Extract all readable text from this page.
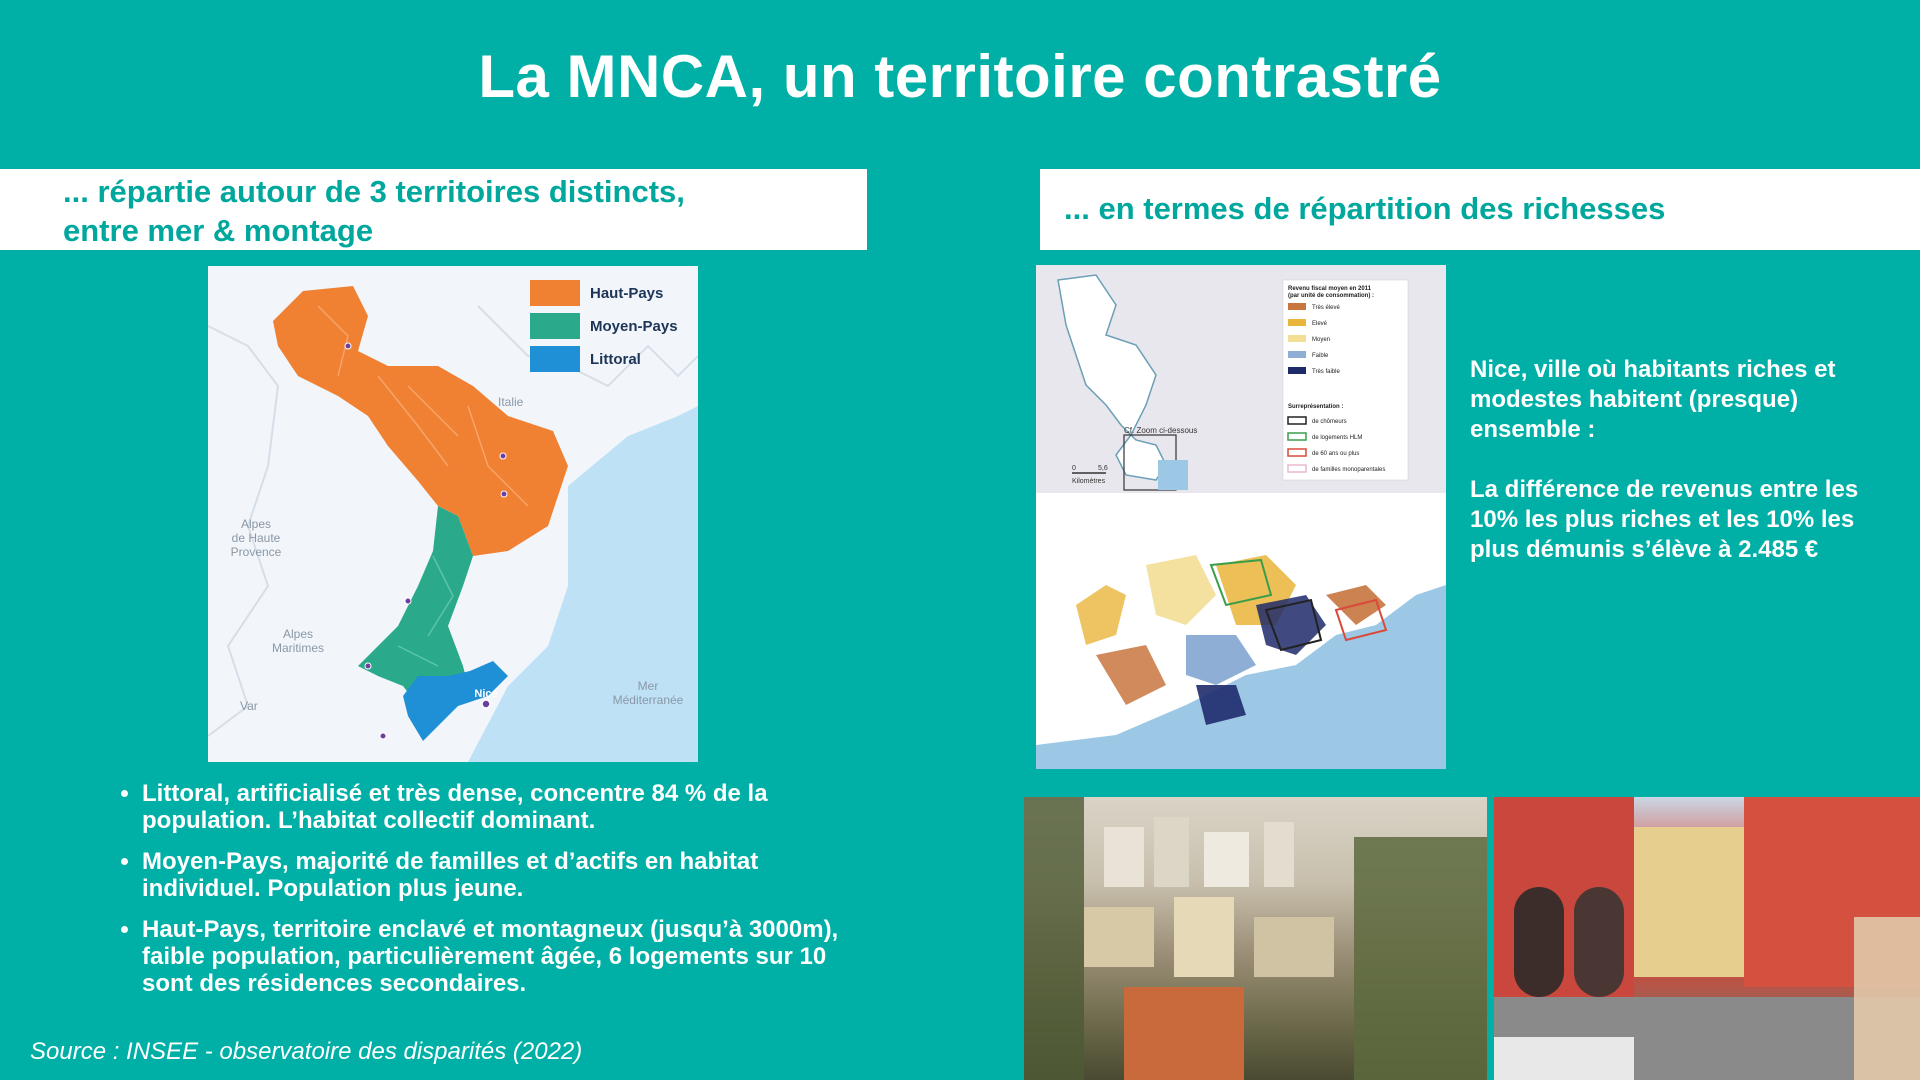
La MNCA, un territoire contrastré
... répartie autour de 3 territoires distincts,
entre mer & montage
... en termes de répartition des richesses
Italie
Alpes
de Haute
Provence
Alpes
Maritimes
Var
Mer
Méditerranée
Nice
Haut-Pays
Moyen-Pays
Littoral
Cf. Zoom ci-dessous
0	5,6
Kilomètres
Revenu fiscal moyen en 2011
(par unité de consommation) :
Très élevé
Elevé
Moyen
Faible
Très faible
Surreprésentation :
de chômeurs
de logements HLM
de 60 ans ou plus
de familles monoparentales

Nice, ville où habitants riches et modestes habitent (presque) ensemble :

La différence de revenus entre les 10% les plus riches et les 10% les plus démunis s’élève à 2.485 €

• Littoral, artificialisé et très dense, concentre 84 % de la population. L’habitat collectif dominant.
• Moyen-Pays, majorité de familles et d’actifs en habitat individuel. Population plus jeune.
• Haut-Pays, territoire enclavé et montagneux (jusqu’à 3000m), faible population, particulièrement âgée, 6 logements sur 10 sont des résidences secondaires.
Source : INSEE - observatoire des disparités (2022)
